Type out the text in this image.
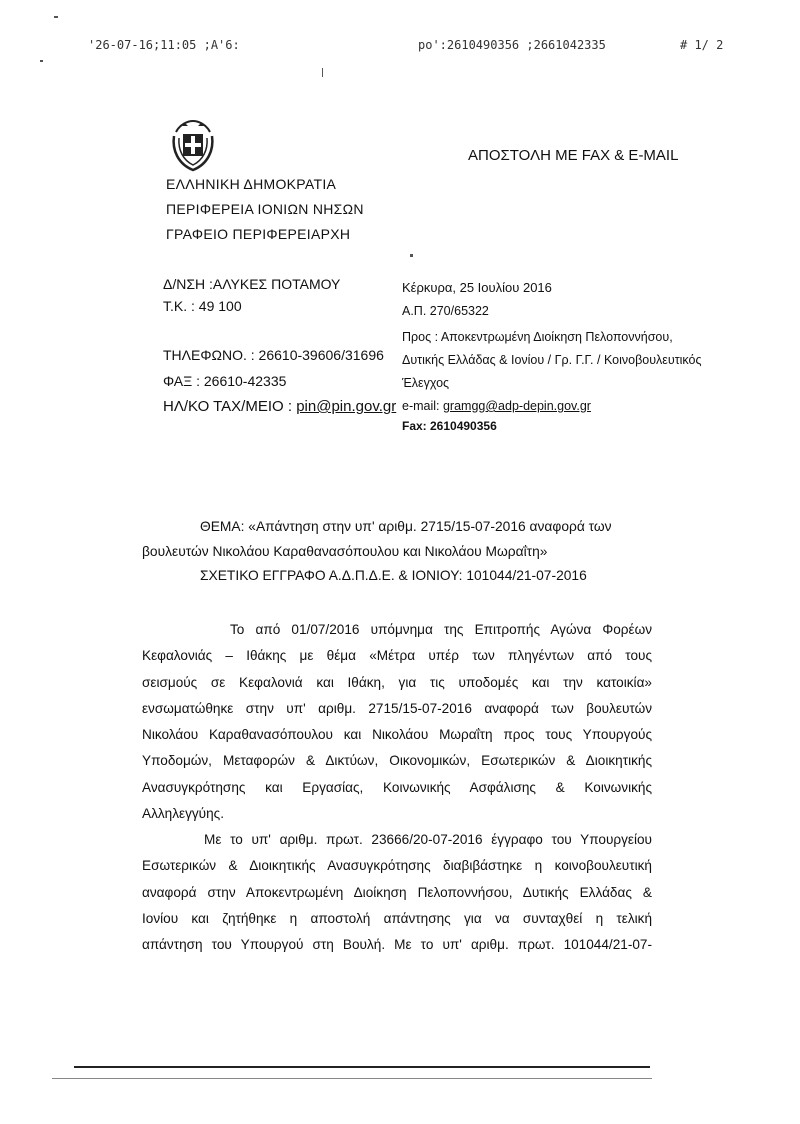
'26-07-16;11:05 ;A'6:	po':2610490356 ;2661042335	# 1/ 2
ΕΛΛΗΝΙΚΗ ΔΗΜΟΚΡΑΤΙΑ
ΠΕΡΙΦΕΡΕΙΑ ΙΟΝΙΩΝ ΝΗΣΩΝ
ΓΡΑΦΕΙΟ ΠΕΡΙΦΕΡΕΙΑΡΧΗ
ΑΠΟΣΤΟΛΗ ΜΕ FAX & E-MAIL
Δ/ΝΣΗ :ΑΛΥΚΕΣ ΠΟΤΑΜΟΥ
Τ.Κ. : 49 100
ΤΗΛΕΦΩΝΟ. : 26610-39606/31696
ΦΑΞ : 26610-42335
ΗΛ/ΚΟ ΤΑΧ/ΜΕΙΟ : pin@pin.gov.gr
Κέρκυρα, 25 Ιουλίου 2016
Α.Π. 270/65322
Προς : Αποκεντρωμένη Διοίκηση Πελοποννήσου,
Δυτικής Ελλάδας & Ιονίου / Γρ. Γ.Γ. / Κοινοβουλευτικός
Έλεγχος
e-mail: gramgg@adp-depin.gov.gr
Fax: 2610490356
ΘΕΜΑ: «Απάντηση στην υπ' αριθμ. 2715/15-07-2016 αναφορά των
βουλευτών Νικολάου Καραθανασόπουλου και Νικολάου Μωραΐτη»
ΣΧΕΤΙΚΟ ΕΓΓΡΑΦΟ Α.Δ.Π.Δ.Ε. & ΙΟΝΙΟΥ: 101044/21-07-2016
Το από 01/07/2016 υπόμνημα της Επιτροπής Αγώνα Φορέων
Κεφαλονιάς – Ιθάκης με θέμα «Μέτρα υπέρ των πληγέντων από τους
σεισμούς σε Κεφαλονιά και Ιθάκη, για τις υποδομές και την κατοικία»
ενσωματώθηκε στην υπ' αριθμ. 2715/15-07-2016 αναφορά των βουλευτών
Νικολάου Καραθανασόπουλου και Νικολάου Μωραΐτη προς τους Υπουργούς
Υποδομών, Μεταφορών & Δικτύων, Οικονομικών, Εσωτερικών & Διοικητικής
Ανασυγκρότησης και Εργασίας, Κοινωνικής Ασφάλισης & Κοινωνικής
Αλληλεγγύης.
Με το υπ' αριθμ. πρωτ. 23666/20-07-2016 έγγραφο του Υπουργείου
Εσωτερικών & Διοικητικής Ανασυγκρότησης διαβιβάστηκε η κοινοβουλευτική
αναφορά στην Αποκεντρωμένη Διοίκηση Πελοποννήσου, Δυτικής Ελλάδας &
Ιονίου και ζητήθηκε η αποστολή απάντησης για να συνταχθεί η τελική
απάντηση του Υπουργού στη Βουλή. Με το υπ' αριθμ. πρωτ. 101044/21-07-
